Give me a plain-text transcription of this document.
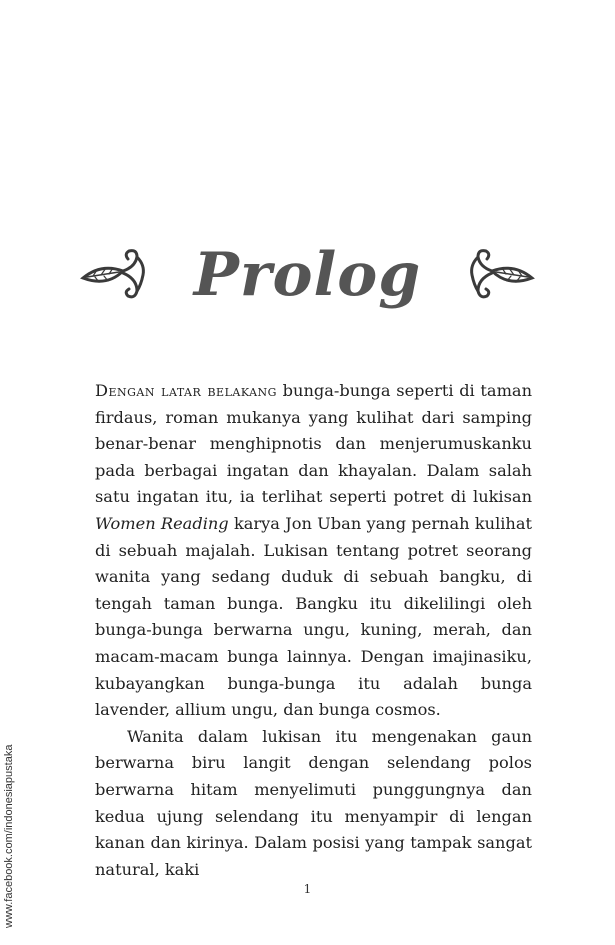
Prolog

Dengan latar belakang bunga-bunga seperti di taman firdaus, roman mukanya yang kulihat dari samping benar-benar menghipnotis dan menjerumuskanku pada berbagai ingatan dan khayalan. Dalam salah satu ingatan itu, ia terlihat seperti potret di lukisan Women Reading karya Jon Uban yang pernah kulihat di sebuah majalah. Lukisan tentang potret seorang wanita yang sedang duduk di sebuah bangku, di tengah taman bunga. Bangku itu dikelilingi oleh bunga-bunga berwarna ungu, kuning, merah, dan macam-macam bunga lainnya. Dengan imajinasiku, kubayangkan bunga-bunga itu adalah bunga lavender, allium ungu, dan bunga cosmos.

Wanita dalam lukisan itu mengenakan gaun berwarna biru langit dengan selendang polos berwarna hitam menyelimuti punggungnya dan kedua ujung selendang itu menyampir di lengan kanan dan kirinya. Dalam posisi yang tampak sangat natural, kaki

1
www.facebook.com/indonesiapustaka
